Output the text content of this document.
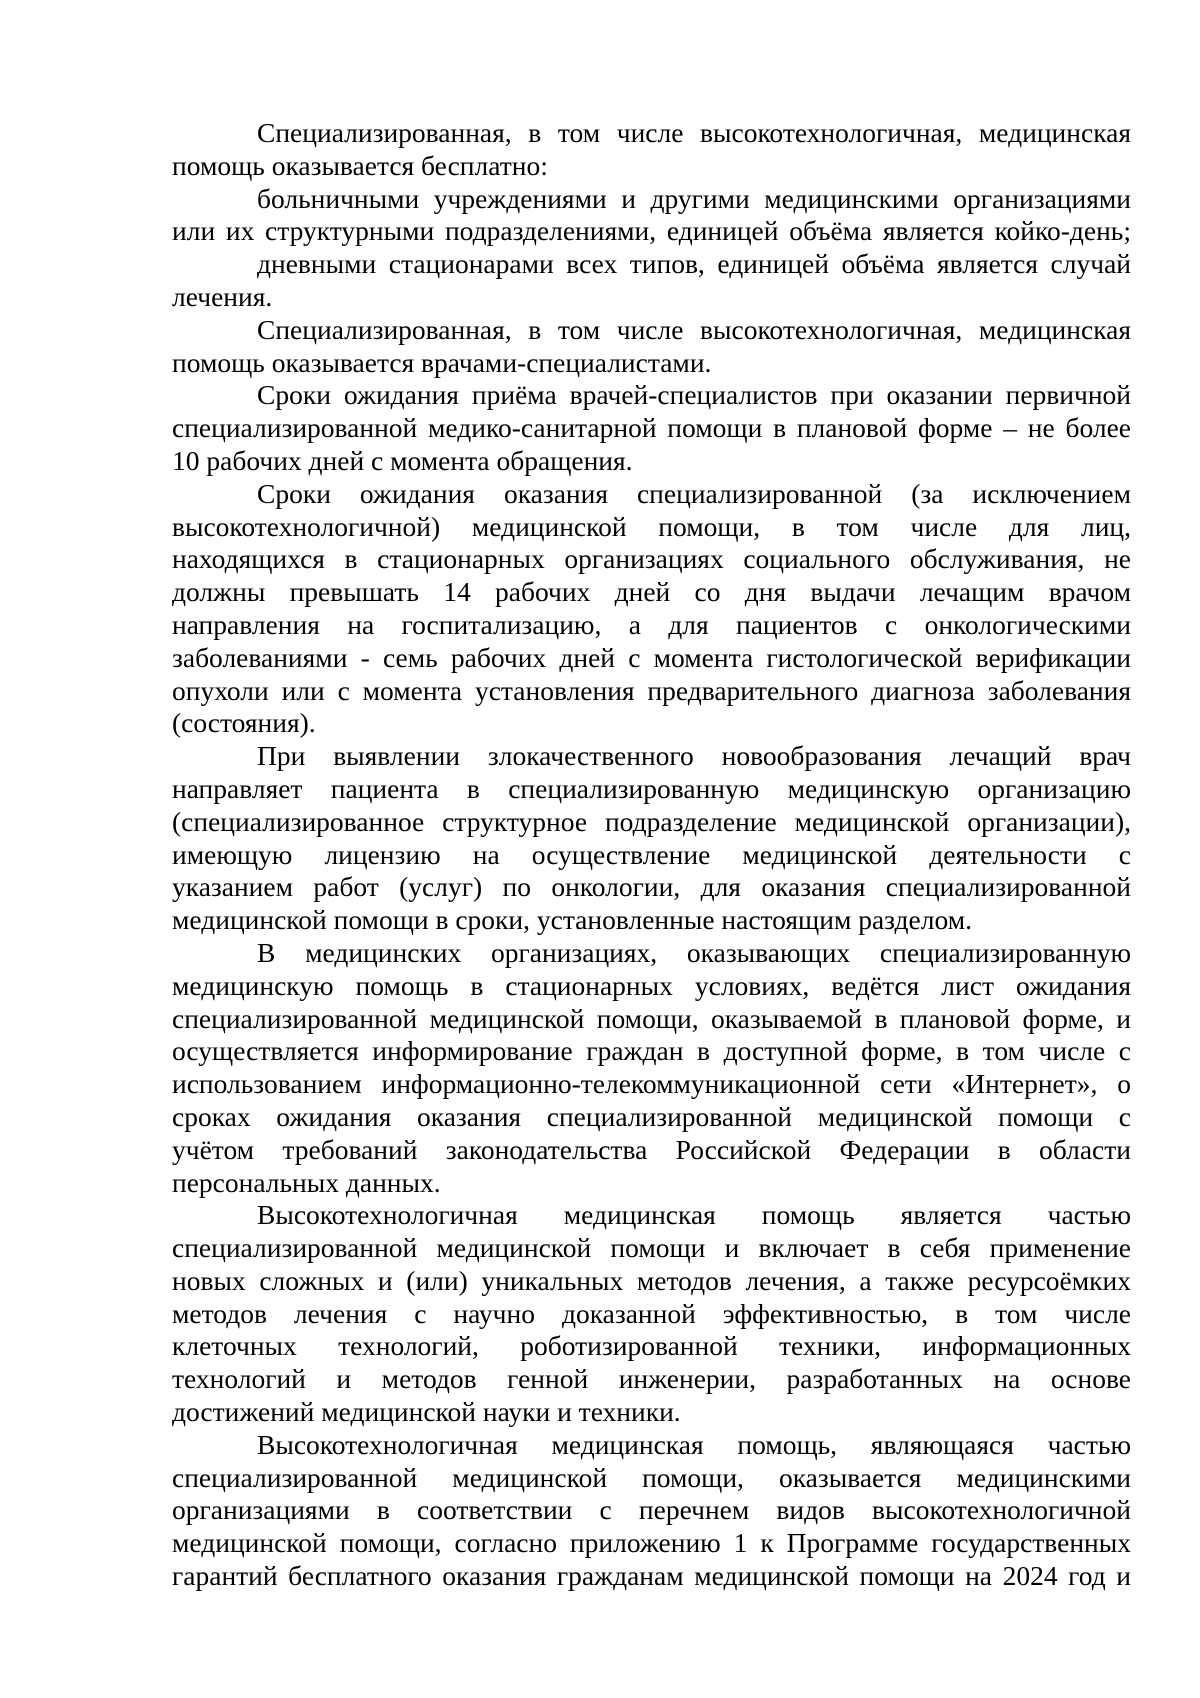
Специализированная, в том числе высокотехнологичная, медицинская
помощь оказывается бесплатно:
больничными учреждениями и другими медицинскими организациями
или их структурными подразделениями, единицей объёма является койко-день;
дневными стационарами всех типов, единицей объёма является случай
лечения.
Специализированная, в том числе высокотехнологичная, медицинская
помощь оказывается врачами-специалистами.
Сроки ожидания приёма врачей-специалистов при оказании первичной
специализированной медико-санитарной помощи в плановой форме – не более
10 рабочих дней с момента обращения.
Сроки ожидания оказания специализированной (за исключением
высокотехнологичной) медицинской помощи, в том числе для лиц,
находящихся в стационарных организациях социального обслуживания, не
должны превышать 14 рабочих дней со дня выдачи лечащим врачом
направления на госпитализацию, а для пациентов с онкологическими
заболеваниями - семь рабочих дней с момента гистологической верификации
опухоли или с момента установления предварительного диагноза заболевания
(состояния).
При выявлении злокачественного новообразования лечащий врач
направляет пациента в специализированную медицинскую организацию
(специализированное структурное подразделение медицинской организации),
имеющую лицензию на осуществление медицинской деятельности с
указанием работ (услуг) по онкологии, для оказания специализированной
медицинской помощи в сроки, установленные настоящим разделом.
В медицинских организациях, оказывающих специализированную
медицинскую помощь в стационарных условиях, ведётся лист ожидания
специализированной медицинской помощи, оказываемой в плановой форме, и
осуществляется информирование граждан в доступной форме, в том числе с
использованием информационно-телекоммуникационной сети «Интернет», о
сроках ожидания оказания специализированной медицинской помощи с
учётом требований законодательства Российской Федерации в области
персональных данных.
Высокотехнологичная медицинская помощь является частью
специализированной медицинской помощи и включает в себя применение
новых сложных и (или) уникальных методов лечения, а также ресурсоёмких
методов лечения с научно доказанной эффективностью, в том числе
клеточных технологий, роботизированной техники, информационных
технологий и методов генной инженерии, разработанных на основе
достижений медицинской науки и техники.
Высокотехнологичная медицинская помощь, являющаяся частью
специализированной медицинской помощи, оказывается медицинскими
организациями в соответствии с перечнем видов высокотехнологичной
медицинской помощи, согласно приложению 1 к Программе государственных
гарантий бесплатного оказания гражданам медицинской помощи на 2024 год и
